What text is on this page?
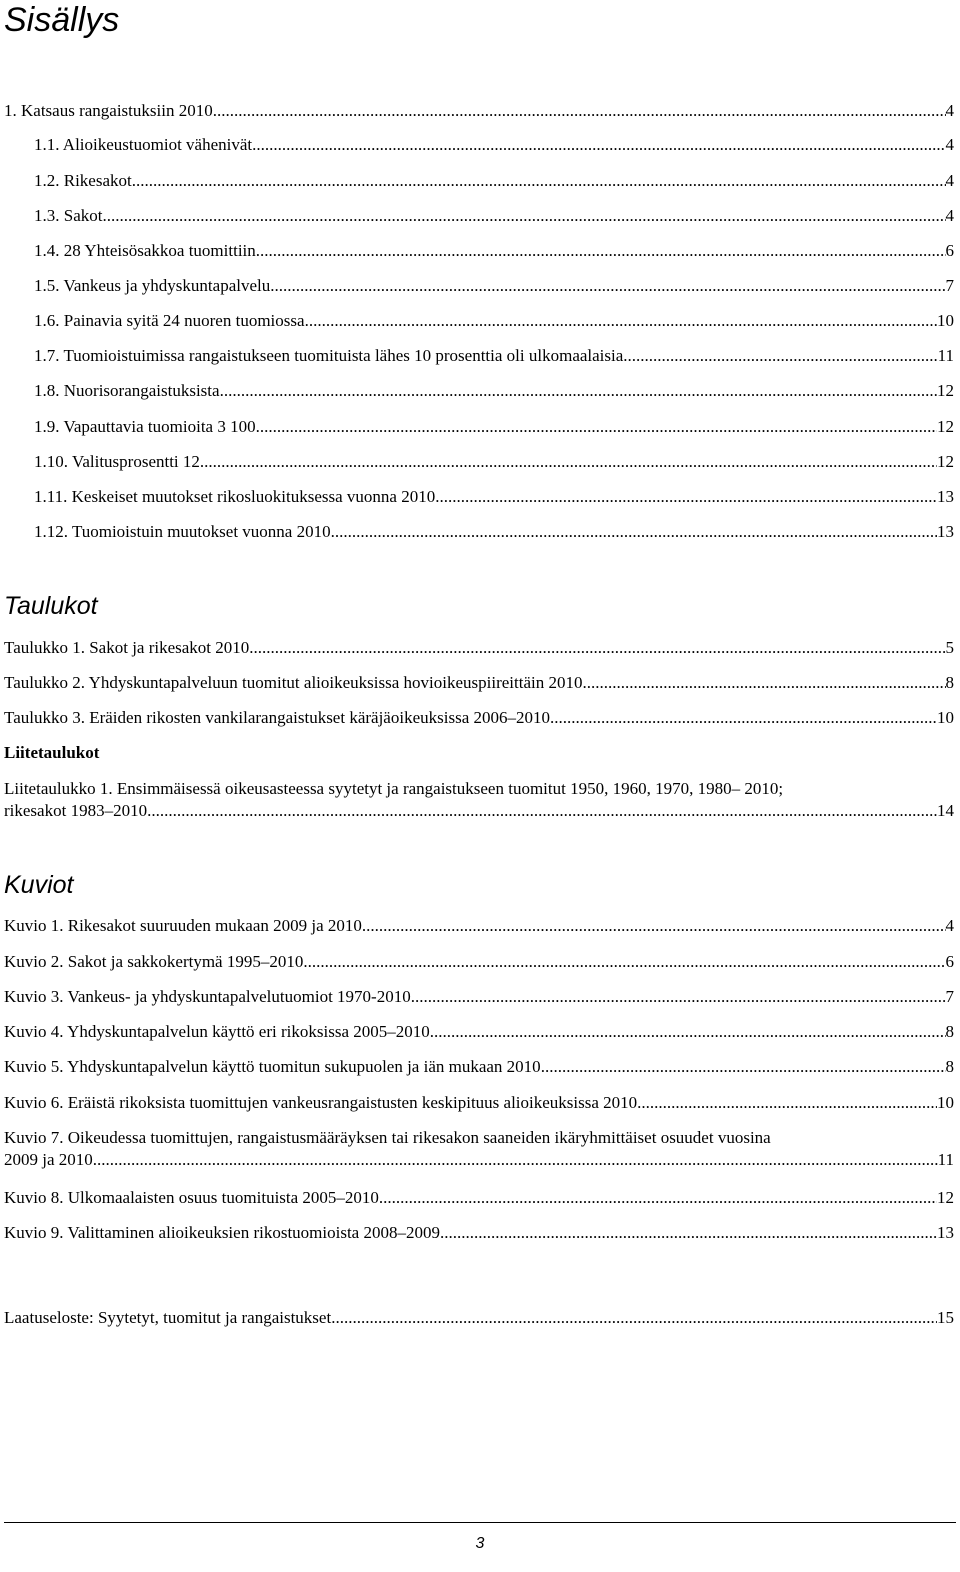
Sisällys
1. Katsaus rangaistuksiin 2010 .....	4
1.1. Alioikeustuomiot vähenivät .....	4
1.2. Rikesakot .....	4
1.3. Sakot .....	4
1.4. 28 Yhteisösakkoa tuomittiin .....	6
1.5. Vankeus ja yhdyskuntapalvelu .....	7
1.6. Painavia syitä 24 nuoren tuomiossa .....	10
1.7. Tuomioistuimissa rangaistukseen tuomituista lähes 10 prosenttia oli ulkomaalaisia .....	11
1.8. Nuorisorangaistuksista .....	12
1.9. Vapauttavia tuomioita 3 100 .....	12
1.10. Valitusprosentti 12 .....	12
1.11. Keskeiset muutokset rikosluokituksessa vuonna 2010 .....	13
1.12. Tuomioistuin muutokset vuonna 2010 .....	13
Taulukot
Taulukko 1. Sakot ja rikesakot 2010 .....	5
Taulukko 2. Yhdyskuntapalveluun tuomitut alioikeuksissa hovioikeuspiireittäin 2010 .....	8
Taulukko 3. Eräiden rikosten vankilarangaistukset käräjäoikeuksissa 2006–2010 .....	10
Liitetaulukot
Liitetaulukko 1. Ensimmäisessä oikeusasteessa syytetyt ja rangaistukseen tuomitut 1950, 1960, 1970, 1980– 2010;
rikesakot 1983–2010 .....	14
Kuviot
Kuvio 1. Rikesakot suuruuden mukaan 2009 ja 2010 .....	4
Kuvio 2. Sakot ja sakkokertymä 1995–2010 .....	6
Kuvio 3. Vankeus- ja yhdyskuntapalvelutuomiot 1970-2010 .....	7
Kuvio 4. Yhdyskuntapalvelun käyttö eri rikoksissa 2005–2010 .....	8
Kuvio 5. Yhdyskuntapalvelun käyttö tuomitun sukupuolen ja iän mukaan 2010 .....	8
Kuvio 6. Eräistä rikoksista tuomittujen vankeusrangaistusten keskipituus alioikeuksissa 2010 .....	10
Kuvio 7. Oikeudessa tuomittujen, rangaistusmääräyksen tai rikesakon saaneiden ikäryhmittäiset osuudet vuosina
2009 ja 2010 .....	11
Kuvio 8. Ulkomaalaisten osuus tuomituista 2005–2010 .....	12
Kuvio 9. Valittaminen alioikeuksien rikostuomioista 2008–2009 .....	13
Laatuseloste: Syytetyt, tuomitut ja rangaistukset .....	15
3
